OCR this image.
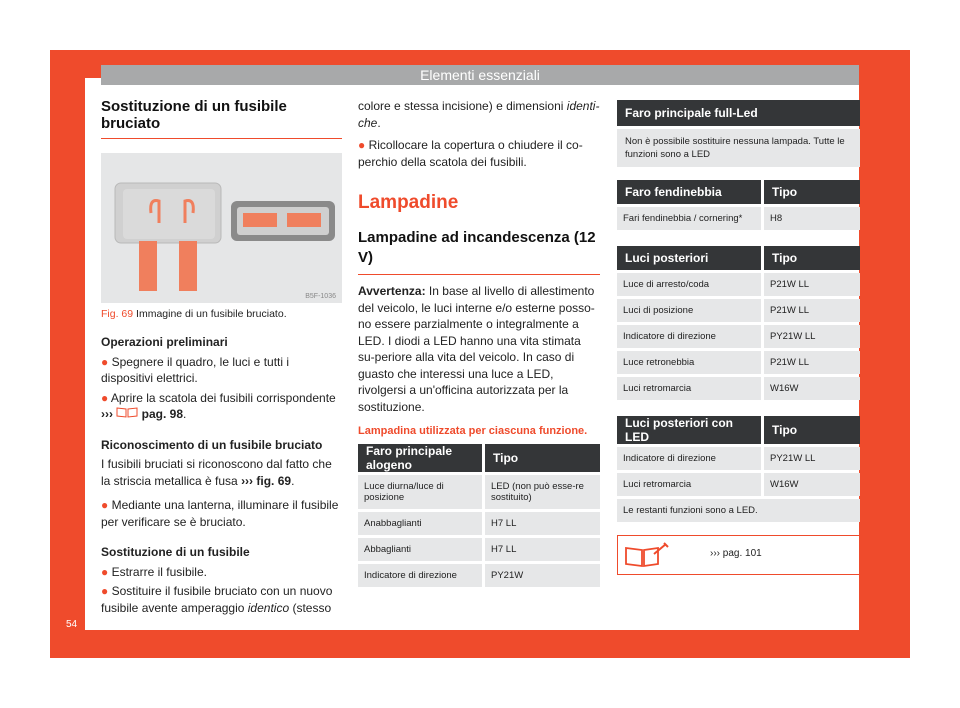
Elementi essenziali
Sostituzione di un fusibile bruciato
B5F-1036
Fig. 69 Immagine di un fusibile bruciato.

Operazioni preliminari

● Spegnere il quadro, le luci e tutti i dispositivi elettrici.

● Aprire la scatola dei fusibili corrispondente
›››  pag. 98.

Riconoscimento di un fusibile bruciato

I fusibili bruciati si riconoscono dal fatto che la striscia metallica è fusa ››› fig. 69.

● Mediante una lanterna, illuminare il fusibile per verificare se è bruciato.

Sostituzione di un fusibile

● Estrarre il fusibile.

● Sostituire il fusibile bruciato con un nuovo fusibile avente amperaggio identico (stesso

colore e stessa incisione) e dimensioni identi-che.

● Ricollocare la copertura o chiudere il co-perchio della scatola dei fusibili.

Lampadine
Lampadine ad incandescenza (12 V)

Avvertenza: In base al livello di allestimento del veicolo, le luci interne e/o esterne posso-no essere parzialmente o integralmente a LED. I diodi a LED hanno una vita stimata su-periore alla vita del veicolo. In caso di guasto che interessi una luce a LED, rivolgersi a un'officina autorizzata per la sostituzione.

Lampadina utilizzata per ciascuna funzione.
Faro principale alogeno	Tipo
Luce diurna/luce di posizione	LED (non può esse-re sostituito)
Anabbaglianti	H7 LL
Abbaglianti	H7 LL
Indicatore di direzione	PY21W
Faro principale full-Led
Non è possibile sostituire nessuna lampada. Tutte le funzioni sono a LED
Faro fendinebbia	Tipo
Fari fendinebbia / cornering*	H8
Luci posteriori	Tipo
Luce di arresto/coda	P21W LL
Luci di posizione	P21W LL
Indicatore di direzione	PY21W LL
Luce retronebbia	P21W LL
Luci retromarcia	W16W
Luci posteriori con LED	Tipo
Indicatore di direzione	PY21W LL
Luci retromarcia	W16W
Le restanti funzioni sono a LED.	
››› pag. 101
54
